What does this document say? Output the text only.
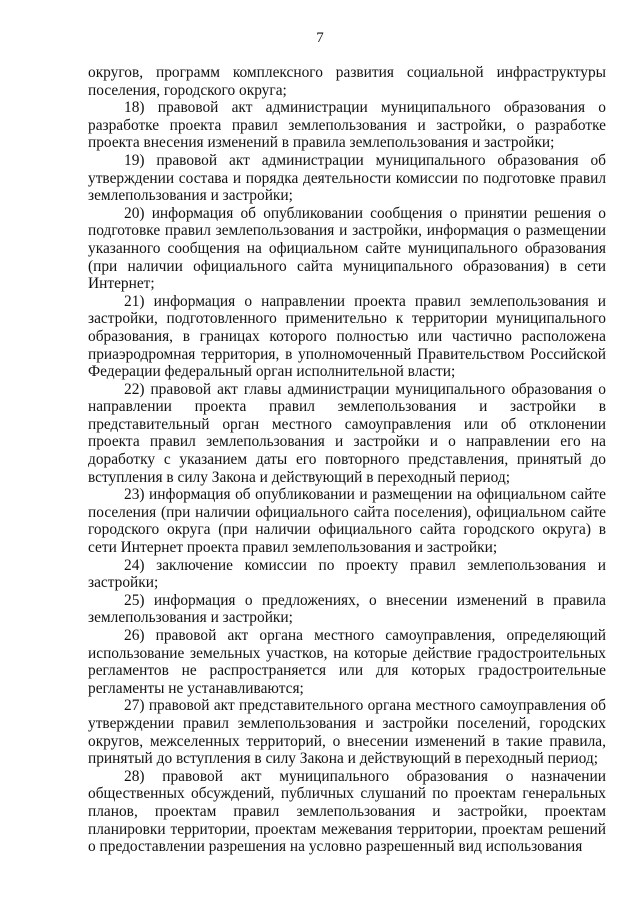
7

округов, программ комплексного развития социальной инфраструктуры поселения, городского округа;

18) правовой акт администрации муниципального образования о разработке проекта правил землепользования и застройки, о разработке проекта внесения изменений в правила землепользования и застройки;

19) правовой акт администрации муниципального образования об утверждении состава и порядка деятельности комиссии по подготовке правил землепользования и застройки;

20) информация об опубликовании сообщения о принятии решения о подготовке правил землепользования и застройки, информация о размещении указанного сообщения на официальном сайте муниципального образования (при наличии официального сайта муниципального образования) в сети Интернет;

21) информация о направлении проекта правил землепользования и застройки, подготовленного применительно к территории муниципального образования, в границах которого полностью или частично расположена приаэродромная территория, в уполномоченный Правительством Российской Федерации федеральный орган исполнительной власти;

22) правовой акт главы администрации муниципального образования о направлении проекта правил землепользования и застройки в представительный орган местного самоуправления или об отклонении проекта правил землепользования и застройки и о направлении его на доработку с указанием даты его повторного представления, принятый до вступления в силу Закона и действующий в переходный период;

23) информация об опубликовании и размещении на официальном сайте поселения (при наличии официального сайта поселения), официальном сайте городского округа (при наличии официального сайта городского округа) в сети Интернет проекта правил землепользования и застройки;

24) заключение комиссии по проекту правил землепользования и застройки;

25) информация о предложениях, о внесении изменений в правила землепользования и застройки;

26) правовой акт органа местного самоуправления, определяющий использование земельных участков, на которые действие градостроительных регламентов не распространяется или для которых градостроительные регламенты не устанавливаются;

27) правовой акт представительного органа местного самоуправления об утверждении правил землепользования и застройки поселений, городских округов, межселенных территорий, о внесении изменений в такие правила, принятый до вступления в силу Закона и действующий в переходный период;

28) правовой акт муниципального образования о назначении общественных обсуждений, публичных слушаний по проектам генеральных планов, проектам правил землепользования и застройки, проектам планировки территории, проектам межевания территории, проектам решений о предоставлении разрешения на условно разрешенный вид использования
